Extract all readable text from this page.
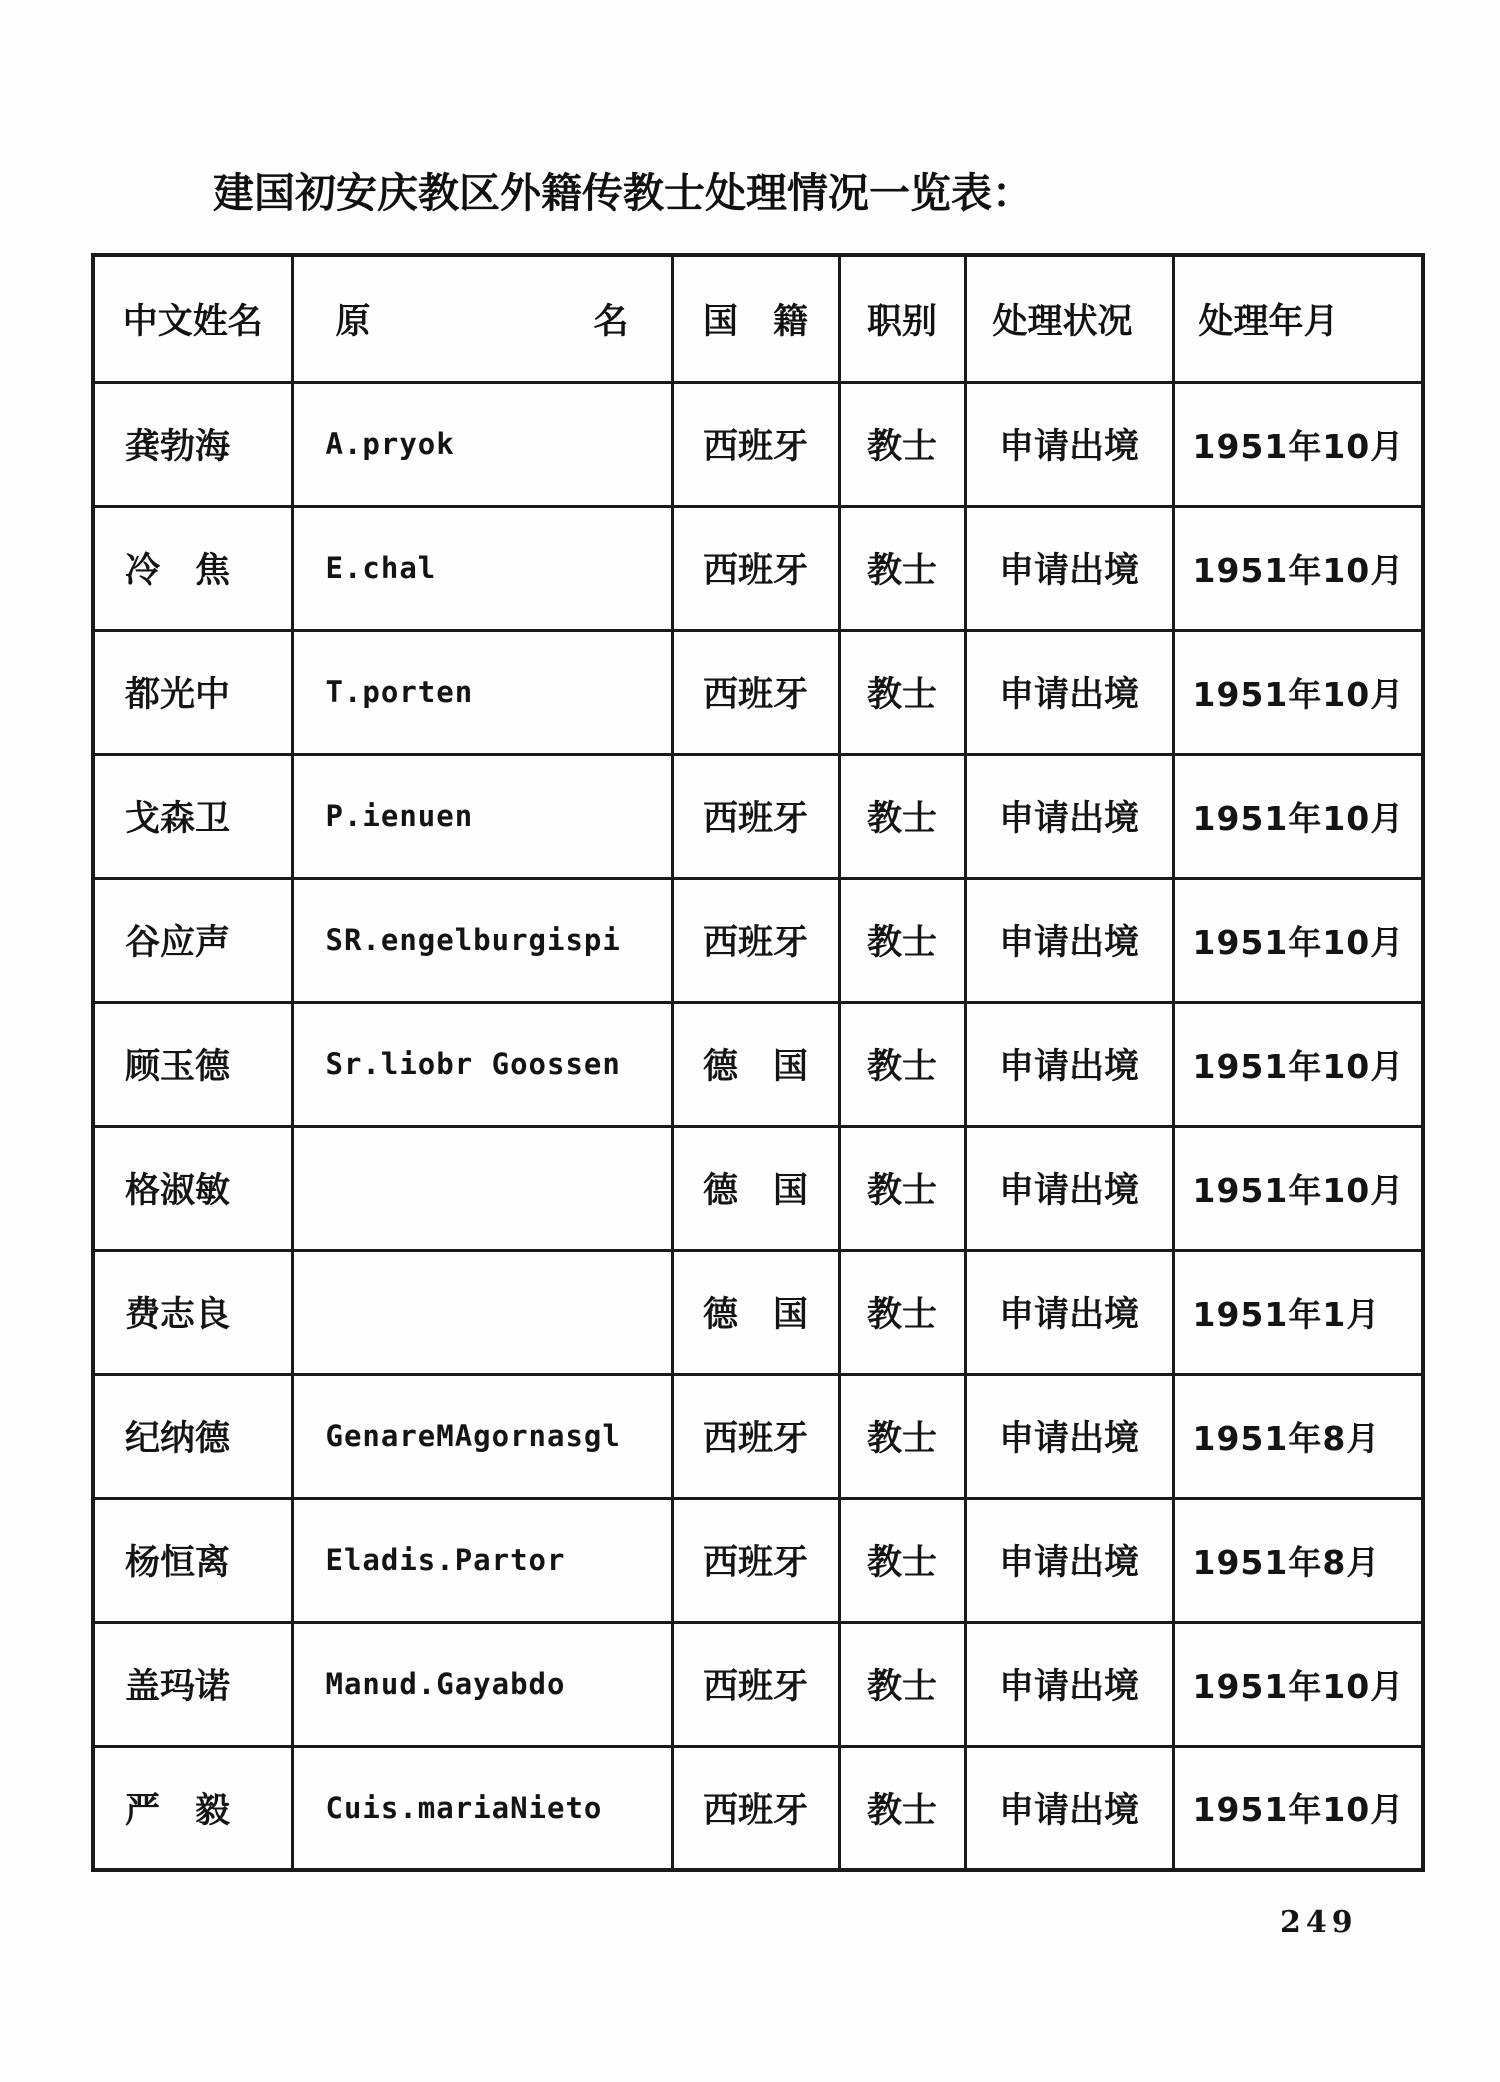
建国初安庆教区外籍传教士处理情况一览表：
中文姓名	原 名	国　籍	职别	处理状况	处理年月
龚勃海	A.pryok	西班牙	教士	申请出境	1951年10月
冷　焦	E.chal	西班牙	教士	申请出境	1951年10月
都光中	T.porten	西班牙	教士	申请出境	1951年10月
戈森卫	P.ienuen	西班牙	教士	申请出境	1951年10月
谷应声	SR.engelburgispi	西班牙	教士	申请出境	1951年10月
顾玉德	Sr.liobr Goossen	德　国	教士	申请出境	1951年10月
格淑敏		德　国	教士	申请出境	1951年10月
费志良		德　国	教士	申请出境	1951年1月
纪纳德	GenareMAgornasgl	西班牙	教士	申请出境	1951年8月
杨恒离	Eladis.Partor	西班牙	教士	申请出境	1951年8月
盖玛诺	Manud.Gayabdo	西班牙	教士	申请出境	1951年10月
严　毅	Cuis.mariaNieto	西班牙	教士	申请出境	1951年10月
249
